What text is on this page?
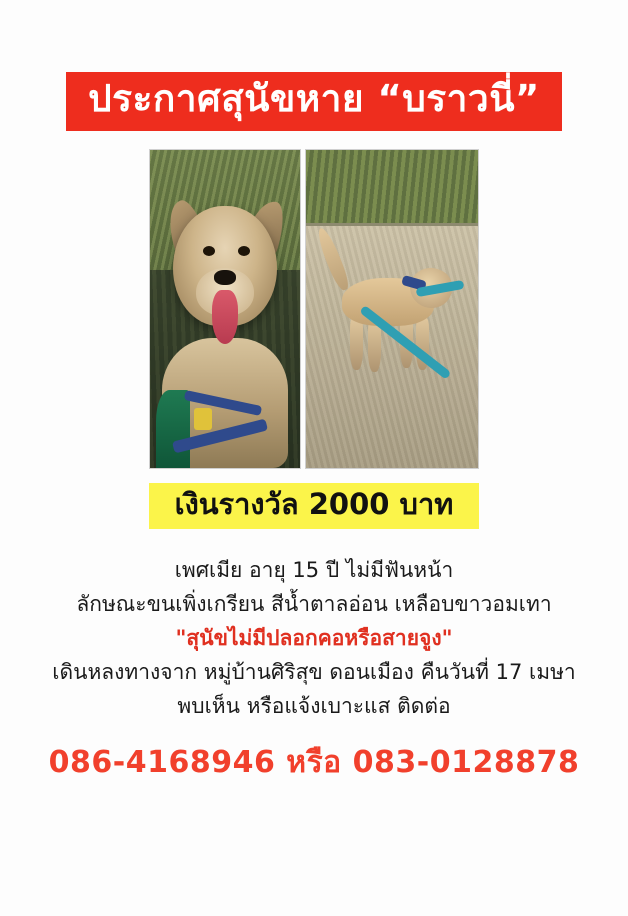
ประกาศสุนัขหาย “บราวนี่”
เงินรางวัล 2000 บาท
เพศเมีย อายุ 15 ปี ไม่มีฟันหน้า
ลักษณะขนเพิ่งเกรียน สีน้ำตาลอ่อน เหลือบขาวอมเทา
"สุนัขไม่มีปลอกคอหรือสายจูง"
เดินหลงทางจาก หมู่บ้านศิริสุข ดอนเมือง คืนวันที่ 17 เมษา
พบเห็น หรือแจ้งเบาะแส ติดต่อ
086-4168946 หรือ 083-0128878
